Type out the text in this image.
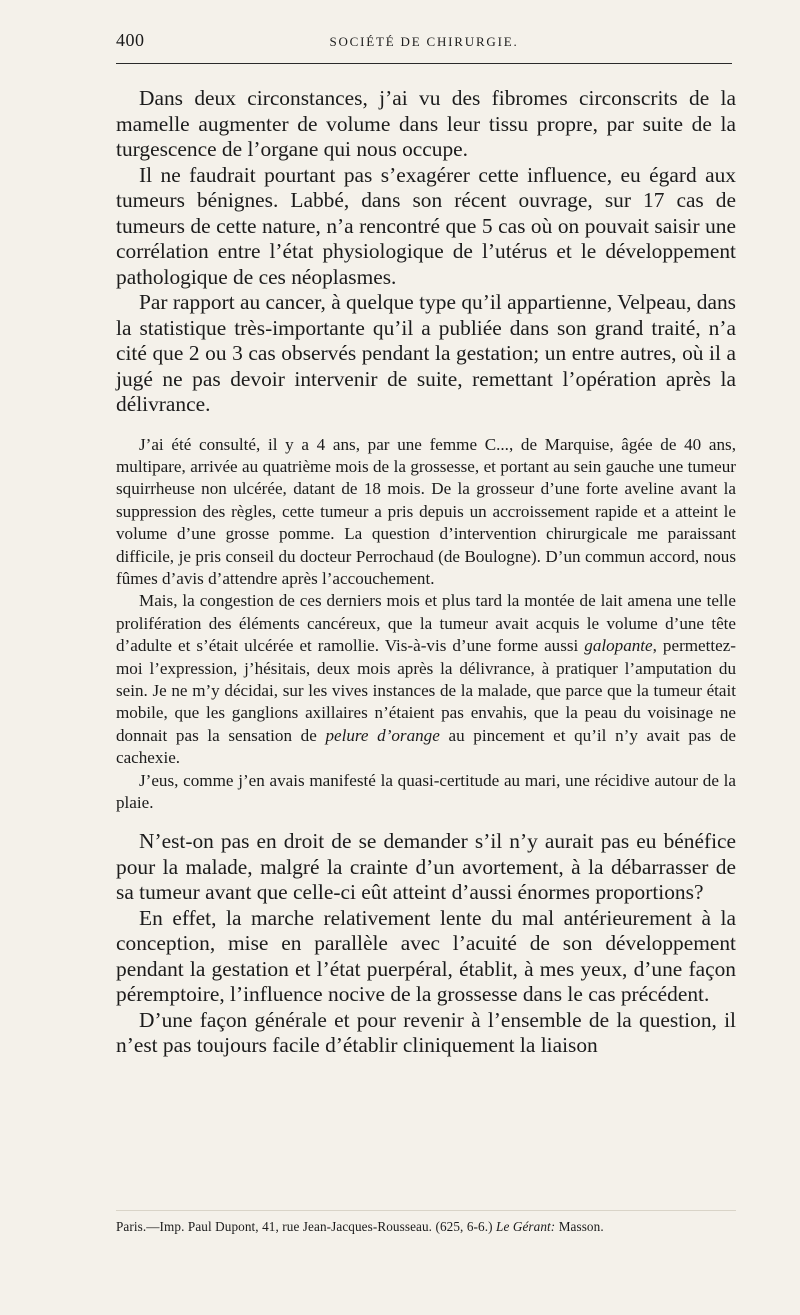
400	SOCIÉTÉ DE CHIRURGIE.

Dans deux circonstances, j’ai vu des fibromes circonscrits de la mamelle augmenter de volume dans leur tissu propre, par suite de la turgescence de l’organe qui nous occupe.

Il ne faudrait pourtant pas s’exagérer cette influence, eu égard aux tumeurs bénignes. Labbé, dans son récent ouvrage, sur 17 cas de tumeurs de cette nature, n’a rencontré que 5 cas où on pouvait saisir une corrélation entre l’état physiologique de l’utérus et le développement pathologique de ces néoplasmes.

Par rapport au cancer, à quelque type qu’il appartienne, Velpeau, dans la statistique très-importante qu’il a publiée dans son grand traité, n’a cité que 2 ou 3 cas observés pendant la gestation; un entre autres, où il a jugé ne pas devoir intervenir de suite, remettant l’opération après la délivrance.

J’ai été consulté, il y a 4 ans, par une femme C..., de Marquise, âgée de 40 ans, multipare, arrivée au quatrième mois de la grossesse, et portant au sein gauche une tumeur squirrheuse non ulcérée, datant de 18 mois. De la grosseur d’une forte aveline avant la suppression des règles, cette tumeur a pris depuis un accroissement rapide et a atteint le volume d’une grosse pomme. La question d’intervention chirurgicale me paraissant difficile, je pris conseil du docteur Perrochaud (de Boulogne). D’un commun accord, nous fûmes d’avis d’attendre après l’accouchement.

Mais, la congestion de ces derniers mois et plus tard la montée de lait amena une telle prolifération des éléments cancéreux, que la tumeur avait acquis le volume d’une tête d’adulte et s’était ulcérée et ramollie. Vis-à-vis d’une forme aussi galopante, permettez-moi l’expression, j’hésitais, deux mois après la délivrance, à pratiquer l’amputation du sein. Je ne m’y décidai, sur les vives instances de la malade, que parce que la tumeur était mobile, que les ganglions axillaires n’étaient pas envahis, que la peau du voisinage ne donnait pas la sensation de pelure d’orange au pincement et qu’il n’y avait pas de cachexie.

J’eus, comme j’en avais manifesté la quasi-certitude au mari, une récidive autour de la plaie.

N’est-on pas en droit de se demander s’il n’y aurait pas eu bénéfice pour la malade, malgré la crainte d’un avortement, à la débarrasser de sa tumeur avant que celle-ci eût atteint d’aussi énormes proportions?

En effet, la marche relativement lente du mal antérieurement à la conception, mise en parallèle avec l’acuité de son développement pendant la gestation et l’état puerpéral, établit, à mes yeux, d’une façon péremptoire, l’influence nocive de la grossesse dans le cas précédent.

D’une façon générale et pour revenir à l’ensemble de la question, il n’est pas toujours facile d’établir cliniquement la liaison

Paris.—Imp. Paul Dupont, 41, rue Jean-Jacques-Rousseau. (625, 6-6.) Le Gérant: Masson.
